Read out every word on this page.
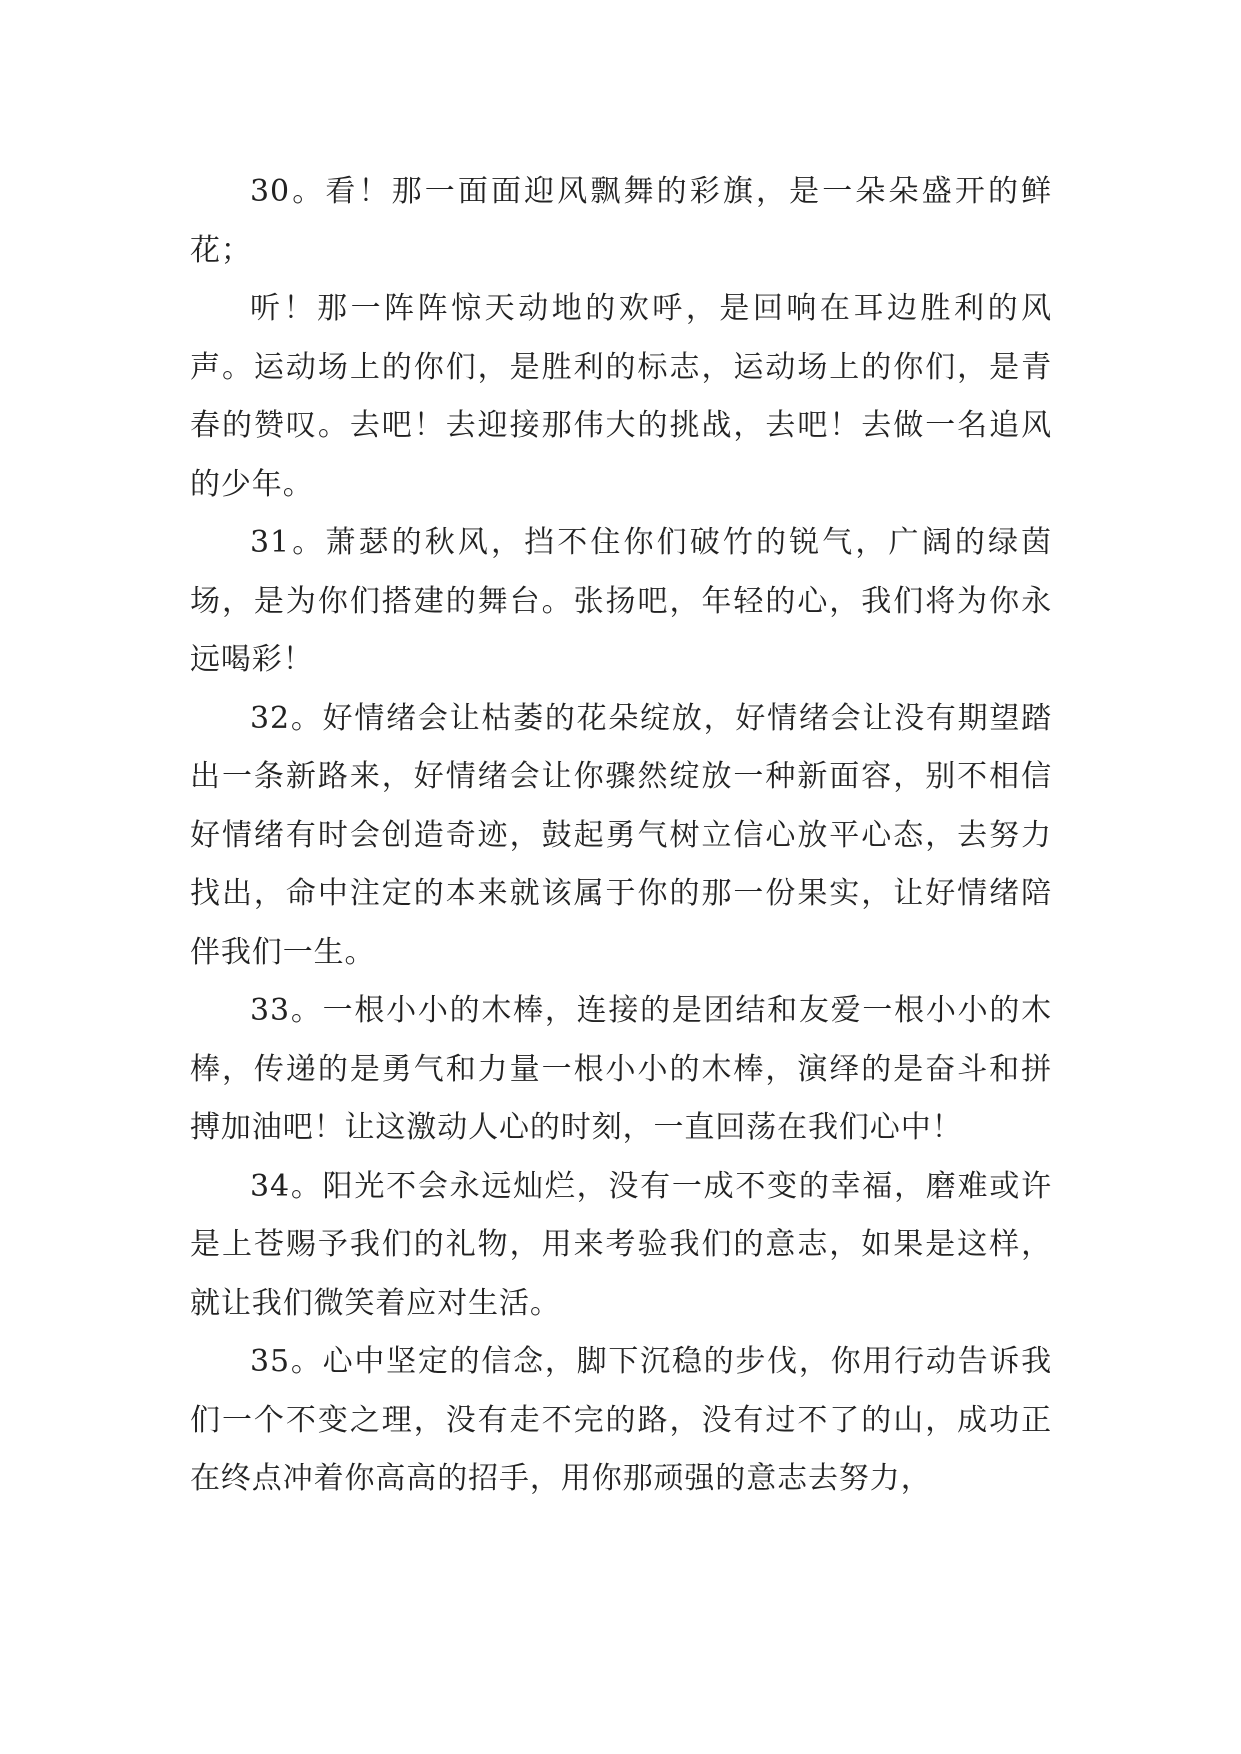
30。看！那一面面迎风飘舞的彩旗，是一朵朵盛开的鲜花；

听！那一阵阵惊天动地的欢呼，是回响在耳边胜利的风声。运动场上的你们，是胜利的标志，运动场上的你们，是青春的赞叹。去吧！去迎接那伟大的挑战，去吧！去做一名追风的少年。

31。萧瑟的秋风，挡不住你们破竹的锐气，广阔的绿茵场，是为你们搭建的舞台。张扬吧，年轻的心，我们将为你永远喝彩！

32。好情绪会让枯萎的花朵绽放，好情绪会让没有期望踏出一条新路来，好情绪会让你骤然绽放一种新面容，别不相信好情绪有时会创造奇迹，鼓起勇气树立信心放平心态，去努力找出，命中注定的本来就该属于你的那一份果实，让好情绪陪伴我们一生。

33。一根小小的木棒，连接的是团结和友爱一根小小的木棒，传递的是勇气和力量一根小小的木棒，演绎的是奋斗和拼搏加油吧！让这激动人心的时刻，一直回荡在我们心中！

34。阳光不会永远灿烂，没有一成不变的幸福，磨难或许是上苍赐予我们的礼物，用来考验我们的意志，如果是这样，就让我们微笑着应对生活。

35。心中坚定的信念，脚下沉稳的步伐，你用行动告诉我们一个不变之理，没有走不完的路，没有过不了的山，成功正在终点冲着你高高的招手，用你那顽强的意志去努力，
